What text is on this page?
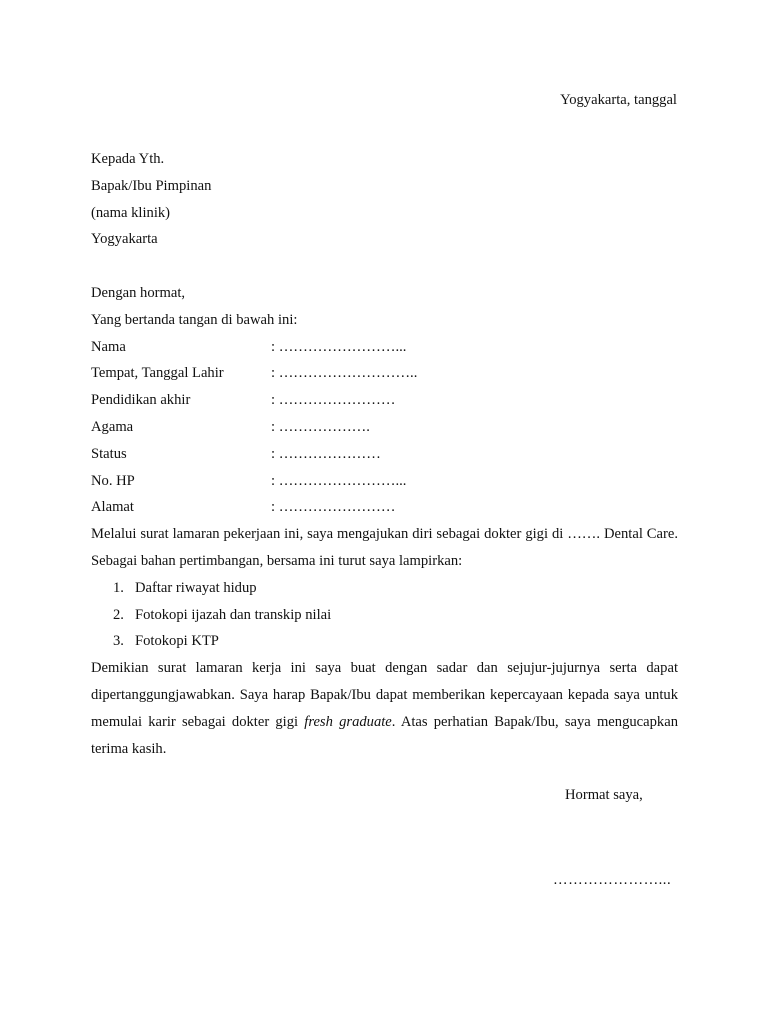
Yogyakarta, tanggal
Kepada Yth.
Bapak/Ibu Pimpinan
(nama klinik)
Yogyakarta
Dengan hormat,
Yang bertanda tangan di bawah ini:
Nama	: ……………………...
Tempat, Tanggal Lahir	: ………………………..
Pendidikan akhir	: ……………………
Agama	: ……………….
Status	: …………………
No. HP	: ……………………...
Alamat	: ……………………
Melalui surat lamaran pekerjaan ini, saya mengajukan diri sebagai dokter gigi di ……. Dental Care. Sebagai bahan pertimbangan, bersama ini turut saya lampirkan:
1. Daftar riwayat hidup
2. Fotokopi ijazah dan transkip nilai
3. Fotokopi KTP
Demikian surat lamaran kerja ini saya buat dengan sadar dan sejujur-jujurnya serta dapat dipertanggungjawabkan. Saya harap Bapak/Ibu dapat memberikan kepercayaan kepada saya untuk memulai karir sebagai dokter gigi fresh graduate. Atas perhatian Bapak/Ibu, saya mengucapkan terima kasih.
Hormat saya,
…………………...
